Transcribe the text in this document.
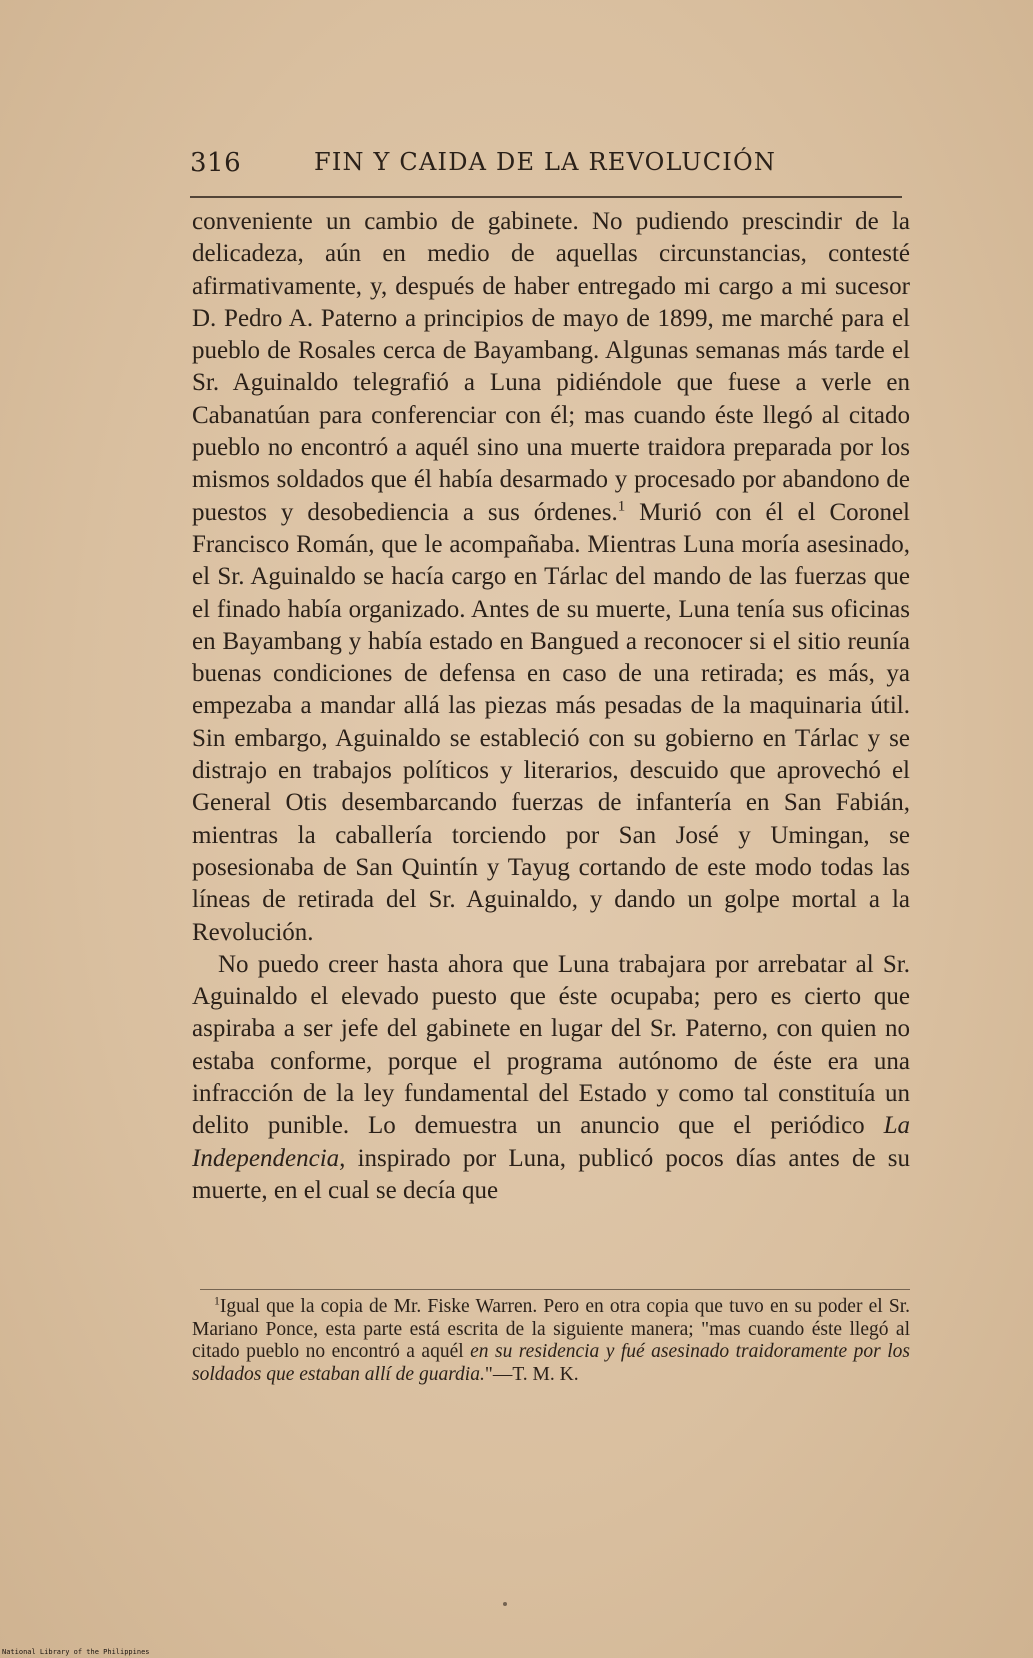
316	FIN Y CAIDA DE LA REVOLUCIÓN

conveniente un cambio de gabinete. No pudiendo prescindir de la delicadeza, aún en medio de aquellas circunstancias, contesté afirmativamente, y, después de haber entregado mi cargo a mi sucesor D. Pedro A. Paterno a principios de mayo de 1899, me marché para el pueblo de Rosales cerca de Bayambang. Algunas semanas más tarde el Sr. Aguinaldo telegrafió a Luna pidiéndole que fuese a verle en Cabanatúan para conferenciar con él; mas cuando éste llegó al citado pueblo no encontró a aquél sino una muerte traidora preparada por los mismos soldados que él había desarmado y procesado por abandono de puestos y desobediencia a sus órdenes.$^1$ Murió con él el Coronel Francisco Román, que le acompañaba. Mientras Luna moría asesinado, el Sr. Aguinaldo se hacía cargo en Tárlac del mando de las fuerzas que el finado había organizado. Antes de su muerte, Luna tenía sus oficinas en Bayambang y había estado en Bangued a reconocer si el sitio reunía buenas condiciones de defensa en caso de una retirada; es más, ya empezaba a mandar allá las piezas más pesadas de la maquinaria útil. Sin embargo, Aguinaldo se estableció con su gobierno en Tárlac y se distrajo en trabajos políticos y literarios, descuido que aprovechó el General Otis desembarcando fuerzas de infantería en San Fabián, mientras la caballería torciendo por San José y Umingan, se posesionaba de San Quintín y Tayug cortando de este modo todas las líneas de retirada del Sr. Aguinaldo, y dando un golpe mortal a la Revolución.

No puedo creer hasta ahora que Luna trabajara por arrebatar al Sr. Aguinaldo el elevado puesto que éste ocupaba; pero es cierto que aspiraba a ser jefe del gabinete en lugar del Sr. Paterno, con quien no estaba conforme, porque el programa autónomo de éste era una infracción de la ley fundamental del Estado y como tal constituía un delito punible. Lo demuestra un anuncio que el periódico La Independencia, inspirado por Luna, publicó pocos días antes de su muerte, en el cual se decía que

$^1$Igual que la copia de Mr. Fiske Warren. Pero en otra copia que tuvo en su poder el Sr. Mariano Ponce, esta parte está escrita de la siguiente manera; "mas cuando éste llegó al citado pueblo no encontró a aquél en su residencia y fué asesinado traidoramente por los soldados que estaban allí de guardia."—T. M. K.
National Library of the Philippines
